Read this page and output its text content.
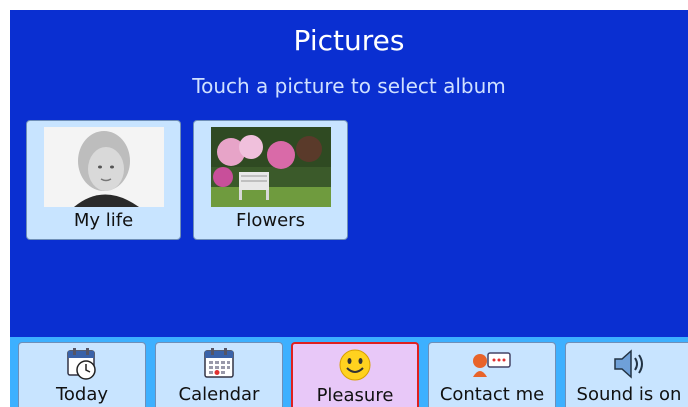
Pictures
Touch a picture to select album
My life	Flowers
Today	Calendar	Pleasure	Contact me	Sound is on
